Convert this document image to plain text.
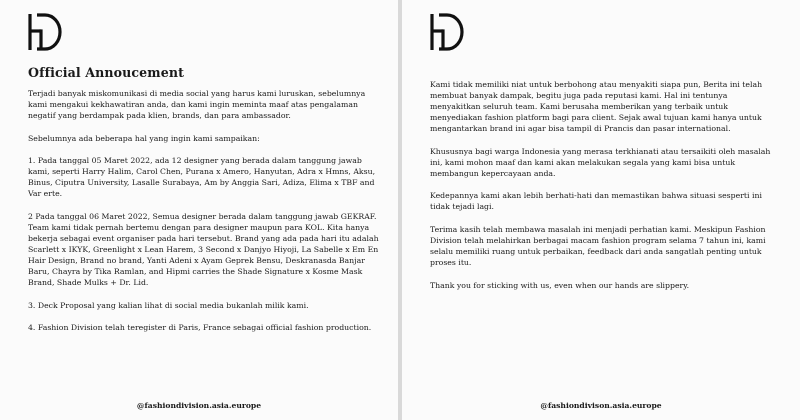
Official Annoucement

Terjadi banyak miskomunikasi di media social yang harus kami luruskan, sebelumnya kami mengakui kekhawatiran anda, dan kami ingin meminta maaf atas pengalaman negatif yang berdampak pada klien, brands, dan para ambassador.

Sebelumnya ada beberapa hal yang ingin kami sampaikan:

1. Pada tanggal 05 Maret 2022, ada 12 designer yang berada dalam tanggung jawab kami, seperti Harry Halim, Carol Chen, Purana x Amero, Hanyutan, Adra x Hmns, Aksu, Binus, Ciputra University, Lasalle Surabaya, Am by Anggia Sari, Adiza, Elima x TBF and Var erte.

2 Pada tanggal 06 Maret 2022, Semua designer berada dalam tanggung jawab GEKRAF. Team kami tidak pernah bertemu dengan para designer maupun para KOL. Kita hanya bekerja sebagai event organiser pada hari tersebut. Brand yang ada pada hari itu adalah Scarlett x IKYK, Greenlight x Lean Harem, 3 Second x Danjyo Hiyoji, La Sabelle x Em En Hair Design, Brand no brand, Yanti Adeni x Ayam Geprek Bensu, Deskranasda Banjar Baru, Chayra by Tika Ramlan, and Hipmi carries the Shade Signature x Kosme Mask Brand, Shade Mulks + Dr. Lid.

3. Deck Proposal yang kalian lihat di social media bukanlah milik kami.

4. Fashion Division telah teregister di Paris, France sebagai official fashion production.

@fashiondivision.asia.europe

Kami tidak memiliki niat untuk berbohong atau menyakiti siapa pun, Berita ini telah membuat banyak dampak, begitu juga pada reputasi kami. Hal ini tentunya menyakitkan seluruh team. Kami berusaha memberikan yang terbaik untuk menyediakan fashion platform bagi para client. Sejak awal tujuan kami hanya untuk mengantarkan brand ini agar bisa tampil di Prancis dan pasar international.

Khususnya bagi warga Indonesia yang merasa terkhianati atau tersaikiti oleh masalah ini, kami mohon maaf dan kami akan melakukan segala yang kami bisa untuk membangun kepercayaan anda.

Kedepannya kami akan lebih berhati-hati dan memastikan bahwa situasi sesperti ini tidak tejadi lagi.

Terima kasih telah membawa masalah ini menjadi perhatian kami. Meskipun Fashion Division telah melahirkan berbagai macam fashion program selama 7 tahun ini, kami selalu memiliki ruang untuk perbaikan, feedback dari anda sangatlah penting untuk proses itu.

Thank you for sticking with us, even when our hands are slippery.

@fashiondivison.asia.europe
